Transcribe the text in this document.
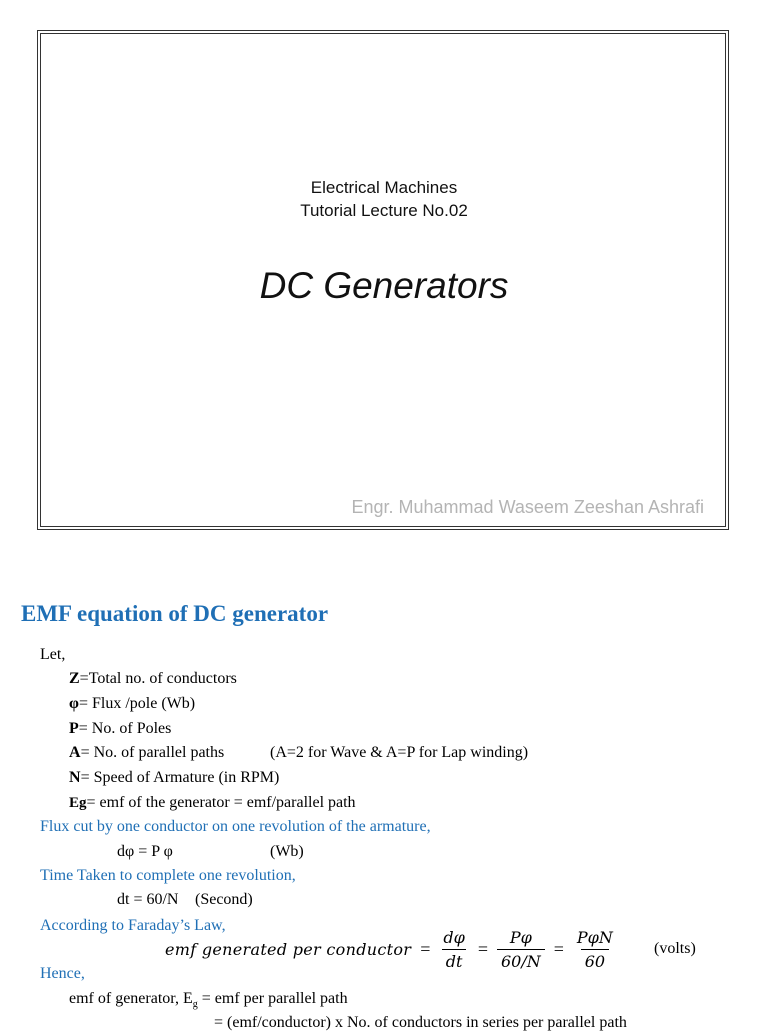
Electrical Machines
Tutorial Lecture No.02
DC Generators
Engr. Muhammad Waseem Zeeshan Ashrafi
EMF equation of DC generator
Let,
Z=Total no. of conductors
φ= Flux /pole (Wb)
P= No. of Poles
A= No. of parallel paths	(A=2 for Wave & A=P for Lap winding)
N= Speed of Armature (in RPM)
Eg= emf of the generator = emf/parallel path
Flux cut by one conductor on one revolution of the armature,
dφ = P φ	(Wb)
Time Taken to complete one revolution,
dt = 60/N (Second)
According to Faraday’s Law,
emf generated per conductor = $\frac{d\varphi}{dt} = \frac{P\varphi}{60/N} = \frac{\text{PφN}}{60}$ (volts)
Hence,
emf of generator, $E_g$ = emf per parallel path
= (emf/conductor) x No. of conductors in series per parallel path
